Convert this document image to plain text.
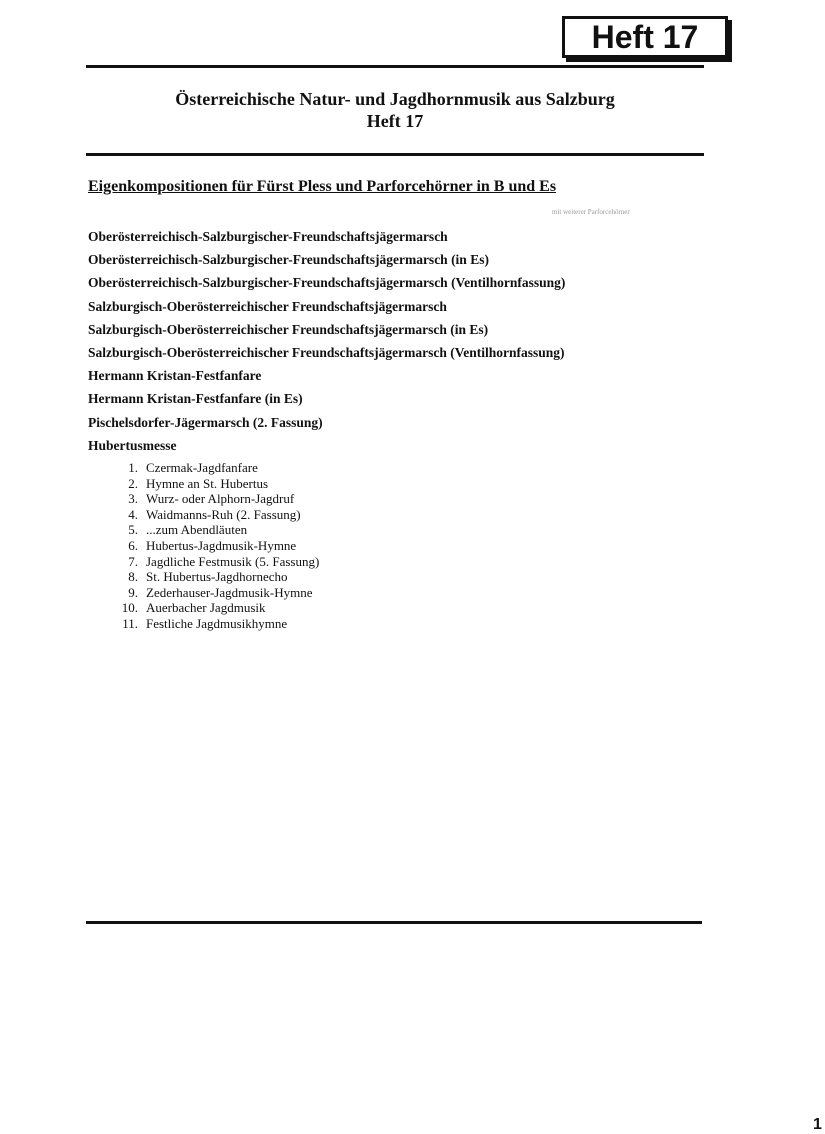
Heft 17
Österreichische Natur- und Jagdhornmusik aus Salzburg
Heft 17
Eigenkompositionen für Fürst Pless und Parforcehörner in B und Es
mit weiterer Parforcehörner
Oberösterreichisch-Salzburgischer-Freundschaftsjägermarsch
Oberösterreichisch-Salzburgischer-Freundschaftsjägermarsch (in Es)
Oberösterreichisch-Salzburgischer-Freundschaftsjägermarsch (Ventilhornfassung)
Salzburgisch-Oberösterreichischer Freundschaftsjägermarsch
Salzburgisch-Oberösterreichischer Freundschaftsjägermarsch (in Es)
Salzburgisch-Oberösterreichischer Freundschaftsjägermarsch (Ventilhornfassung)
Hermann Kristan-Festfanfare
Hermann Kristan-Festfanfare (in Es)
Pischelsdorfer-Jägermarsch (2. Fassung)
Hubertusmesse
1. Czermak-Jagdfanfare
2. Hymne an St. Hubertus
3. Wurz- oder Alphorn-Jagdruf
4. Waidmanns-Ruh (2. Fassung)
5. ...zum Abendläuten
6. Hubertus-Jagdmusik-Hymne
7. Jagdliche Festmusik (5. Fassung)
8. St. Hubertus-Jagdhornecho
9. Zederhauser-Jagdmusik-Hymne
10. Auerbacher Jagdmusik
11. Festliche Jagdmusikhymne
1
